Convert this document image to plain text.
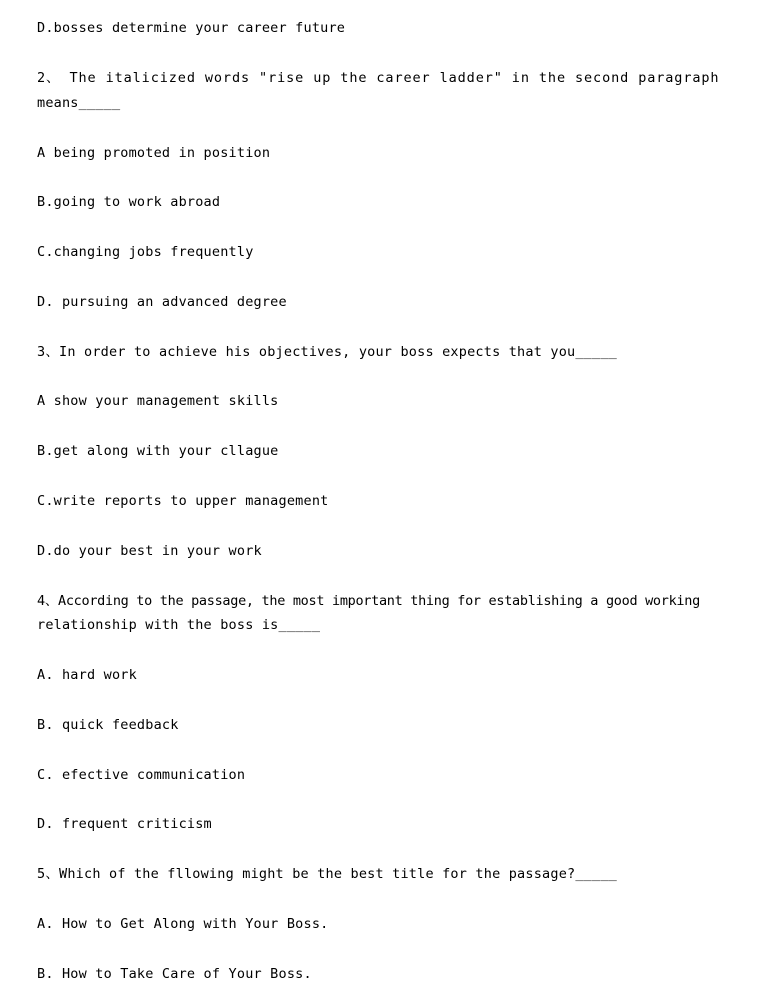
D.bosses determine your career future
2、 The italicized words "rise up the career ladder" in the second paragraph
means_____
A being promoted in position
B.going to work abroad
C.changing jobs frequently
D. pursuing an advanced degree
3、In order to achieve his objectives, your boss expects that you_____
A show your management skills
B.get along with your cllague
C.write reports to upper management
D.do your best in your work
4、According to the passage, the most important thing for establishing a good working
relationship with the boss is_____
A. hard work
B. quick feedback
C. efective communication
D. frequent criticism
5、Which of the fllowing might be the best title for the passage?_____
A. How to Get Along with Your Boss.
B. How to Take Care of Your Boss.
